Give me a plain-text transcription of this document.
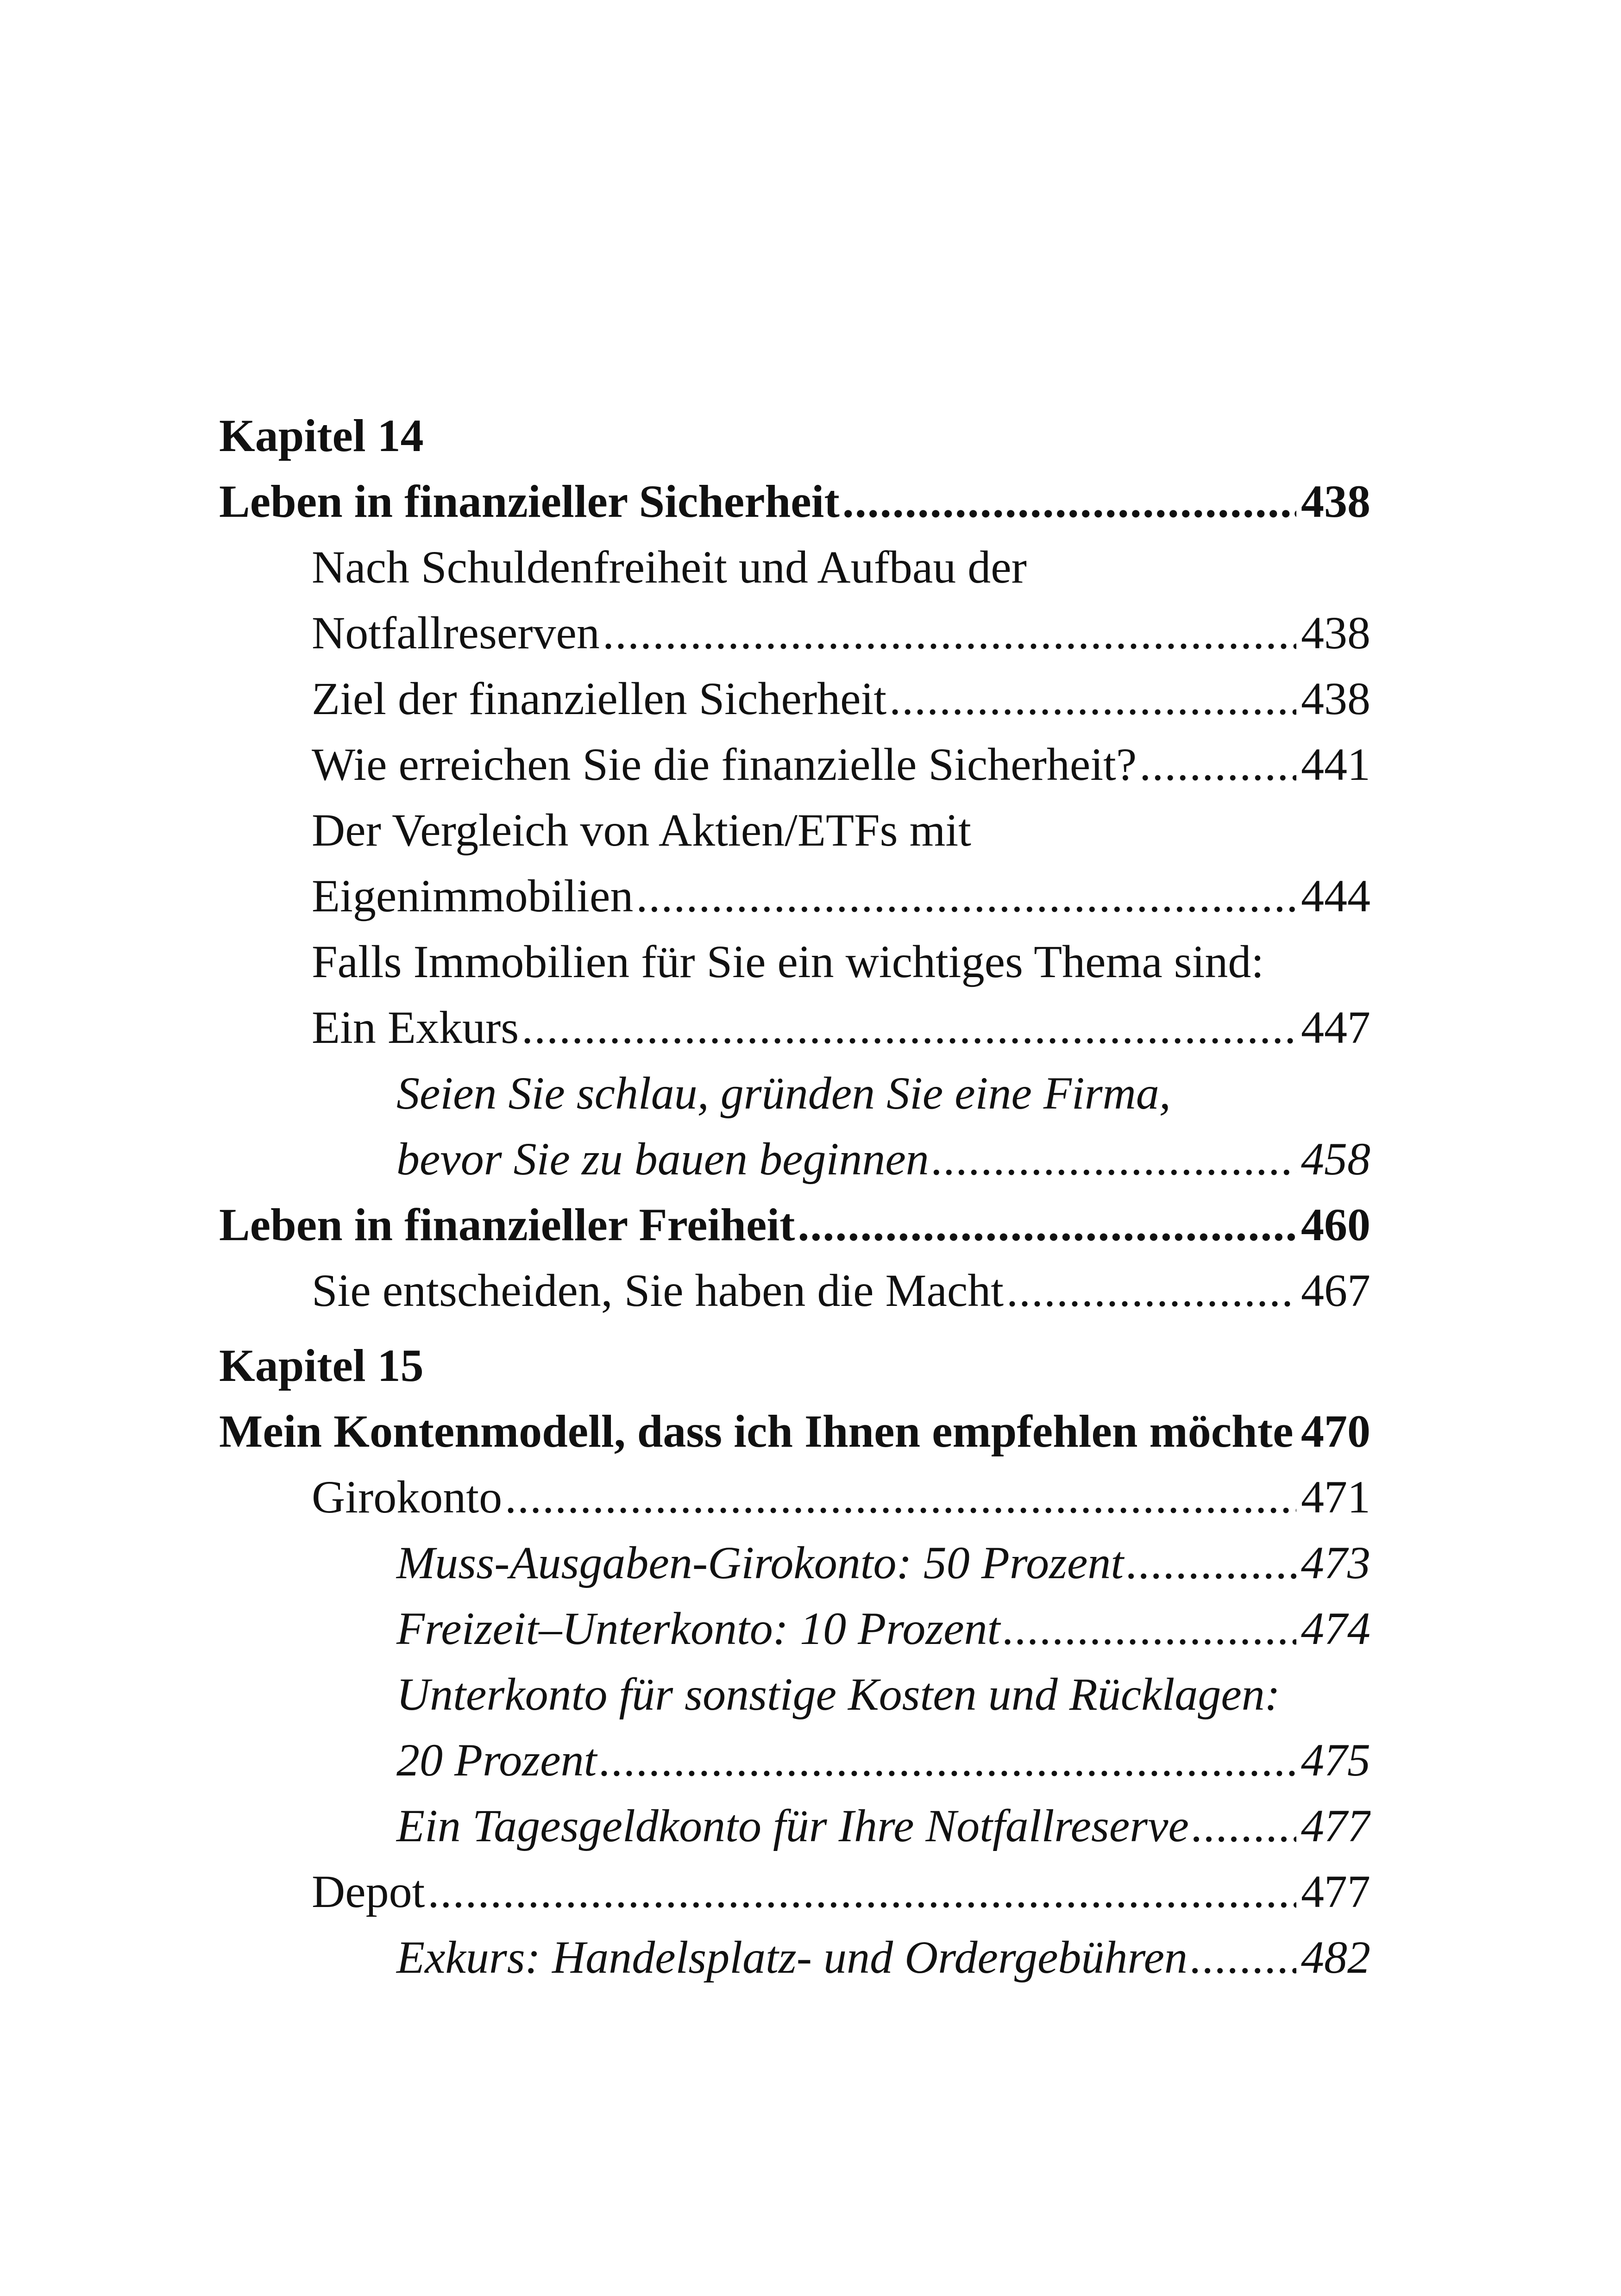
Kapitel 14
Leben in finanzieller Sicherheit .....	438
Nach Schuldenfreiheit und Aufbau der
Notfallreserven .....	438
Ziel der finanziellen Sicherheit .....	438
Wie erreichen Sie die finanzielle Sicherheit? .....	441
Der Vergleich von Aktien/ETFs mit
Eigenimmobilien .....	444
Falls Immobilien für Sie ein wichtiges Thema sind:
Ein Exkurs .....	447
Seien Sie schlau, gründen Sie eine Firma,
bevor Sie zu bauen beginnen .....	458
Leben in finanzieller Freiheit .....	460
Sie entscheiden, Sie haben die Macht .....	467
Kapitel 15
Mein Kontenmodell, dass ich Ihnen empfehlen möchte ..... 470
Girokonto .....	471
Muss-Ausgaben-Girokonto: 50 Prozent .....	473
Freizeit–Unterkonto: 10 Prozent .....	474
Unterkonto für sonstige Kosten und Rücklagen:
20 Prozent .....	475
Ein Tagesgeldkonto für Ihre Notfallreserve ..... 477
Depot .....	477
Exkurs: Handelsplatz- und Ordergebühren ..... 482
